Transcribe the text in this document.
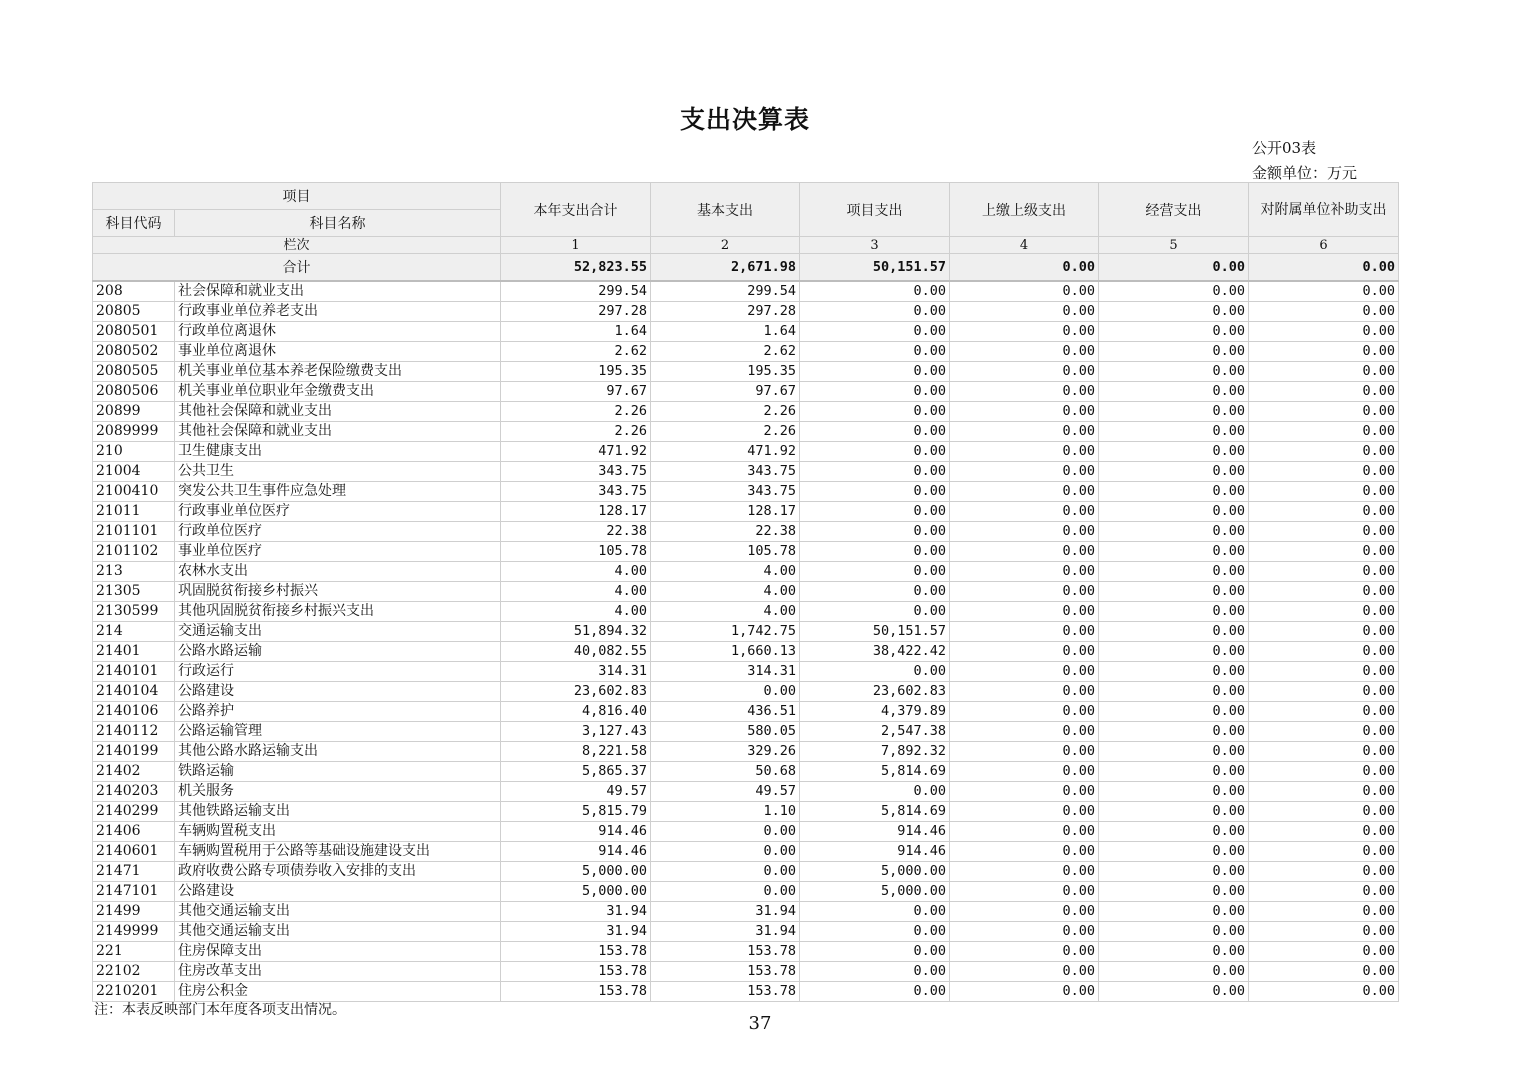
支出决算表
公开03表
金额单位：万元
项目		本年支出合计	基本支出	项目支出	上缴上级支出	经营支出	对附属单位补助支出
科目代码	科目名称						
栏次		1	2	3	4	5	6
合计		52,823.55	2,671.98	50,151.57	0.00	0.00	0.00
208	社会保障和就业支出	299.54	299.54	0.00	0.00	0.00	0.00
20805	行政事业单位养老支出	297.28	297.28	0.00	0.00	0.00	0.00
2080501	行政单位离退休	1.64	1.64	0.00	0.00	0.00	0.00
2080502	事业单位离退休	2.62	2.62	0.00	0.00	0.00	0.00
2080505	机关事业单位基本养老保险缴费支出	195.35	195.35	0.00	0.00	0.00	0.00
2080506	机关事业单位职业年金缴费支出	97.67	97.67	0.00	0.00	0.00	0.00
20899	其他社会保障和就业支出	2.26	2.26	0.00	0.00	0.00	0.00
2089999	其他社会保障和就业支出	2.26	2.26	0.00	0.00	0.00	0.00
210	卫生健康支出	471.92	471.92	0.00	0.00	0.00	0.00
21004	公共卫生	343.75	343.75	0.00	0.00	0.00	0.00
2100410	突发公共卫生事件应急处理	343.75	343.75	0.00	0.00	0.00	0.00
21011	行政事业单位医疗	128.17	128.17	0.00	0.00	0.00	0.00
2101101	行政单位医疗	22.38	22.38	0.00	0.00	0.00	0.00
2101102	事业单位医疗	105.78	105.78	0.00	0.00	0.00	0.00
213	农林水支出	4.00	4.00	0.00	0.00	0.00	0.00
21305	巩固脱贫衔接乡村振兴	4.00	4.00	0.00	0.00	0.00	0.00
2130599	其他巩固脱贫衔接乡村振兴支出	4.00	4.00	0.00	0.00	0.00	0.00
214	交通运输支出	51,894.32	1,742.75	50,151.57	0.00	0.00	0.00
21401	公路水路运输	40,082.55	1,660.13	38,422.42	0.00	0.00	0.00
2140101	行政运行	314.31	314.31	0.00	0.00	0.00	0.00
2140104	公路建设	23,602.83	0.00	23,602.83	0.00	0.00	0.00
2140106	公路养护	4,816.40	436.51	4,379.89	0.00	0.00	0.00
2140112	公路运输管理	3,127.43	580.05	2,547.38	0.00	0.00	0.00
2140199	其他公路水路运输支出	8,221.58	329.26	7,892.32	0.00	0.00	0.00
21402	铁路运输	5,865.37	50.68	5,814.69	0.00	0.00	0.00
2140203	机关服务	49.57	49.57	0.00	0.00	0.00	0.00
2140299	其他铁路运输支出	5,815.79	1.10	5,814.69	0.00	0.00	0.00
21406	车辆购置税支出	914.46	0.00	914.46	0.00	0.00	0.00
2140601	车辆购置税用于公路等基础设施建设支出	914.46	0.00	914.46	0.00	0.00	0.00
21471	政府收费公路专项债券收入安排的支出	5,000.00	0.00	5,000.00	0.00	0.00	0.00
2147101	公路建设	5,000.00	0.00	5,000.00	0.00	0.00	0.00
21499	其他交通运输支出	31.94	31.94	0.00	0.00	0.00	0.00
2149999	其他交通运输支出	31.94	31.94	0.00	0.00	0.00	0.00
221	住房保障支出	153.78	153.78	0.00	0.00	0.00	0.00
22102	住房改革支出	153.78	153.78	0.00	0.00	0.00	0.00
2210201	住房公积金	153.78	153.78	0.00	0.00	0.00	0.00
注：本表反映部门本年度各项支出情况。
37
